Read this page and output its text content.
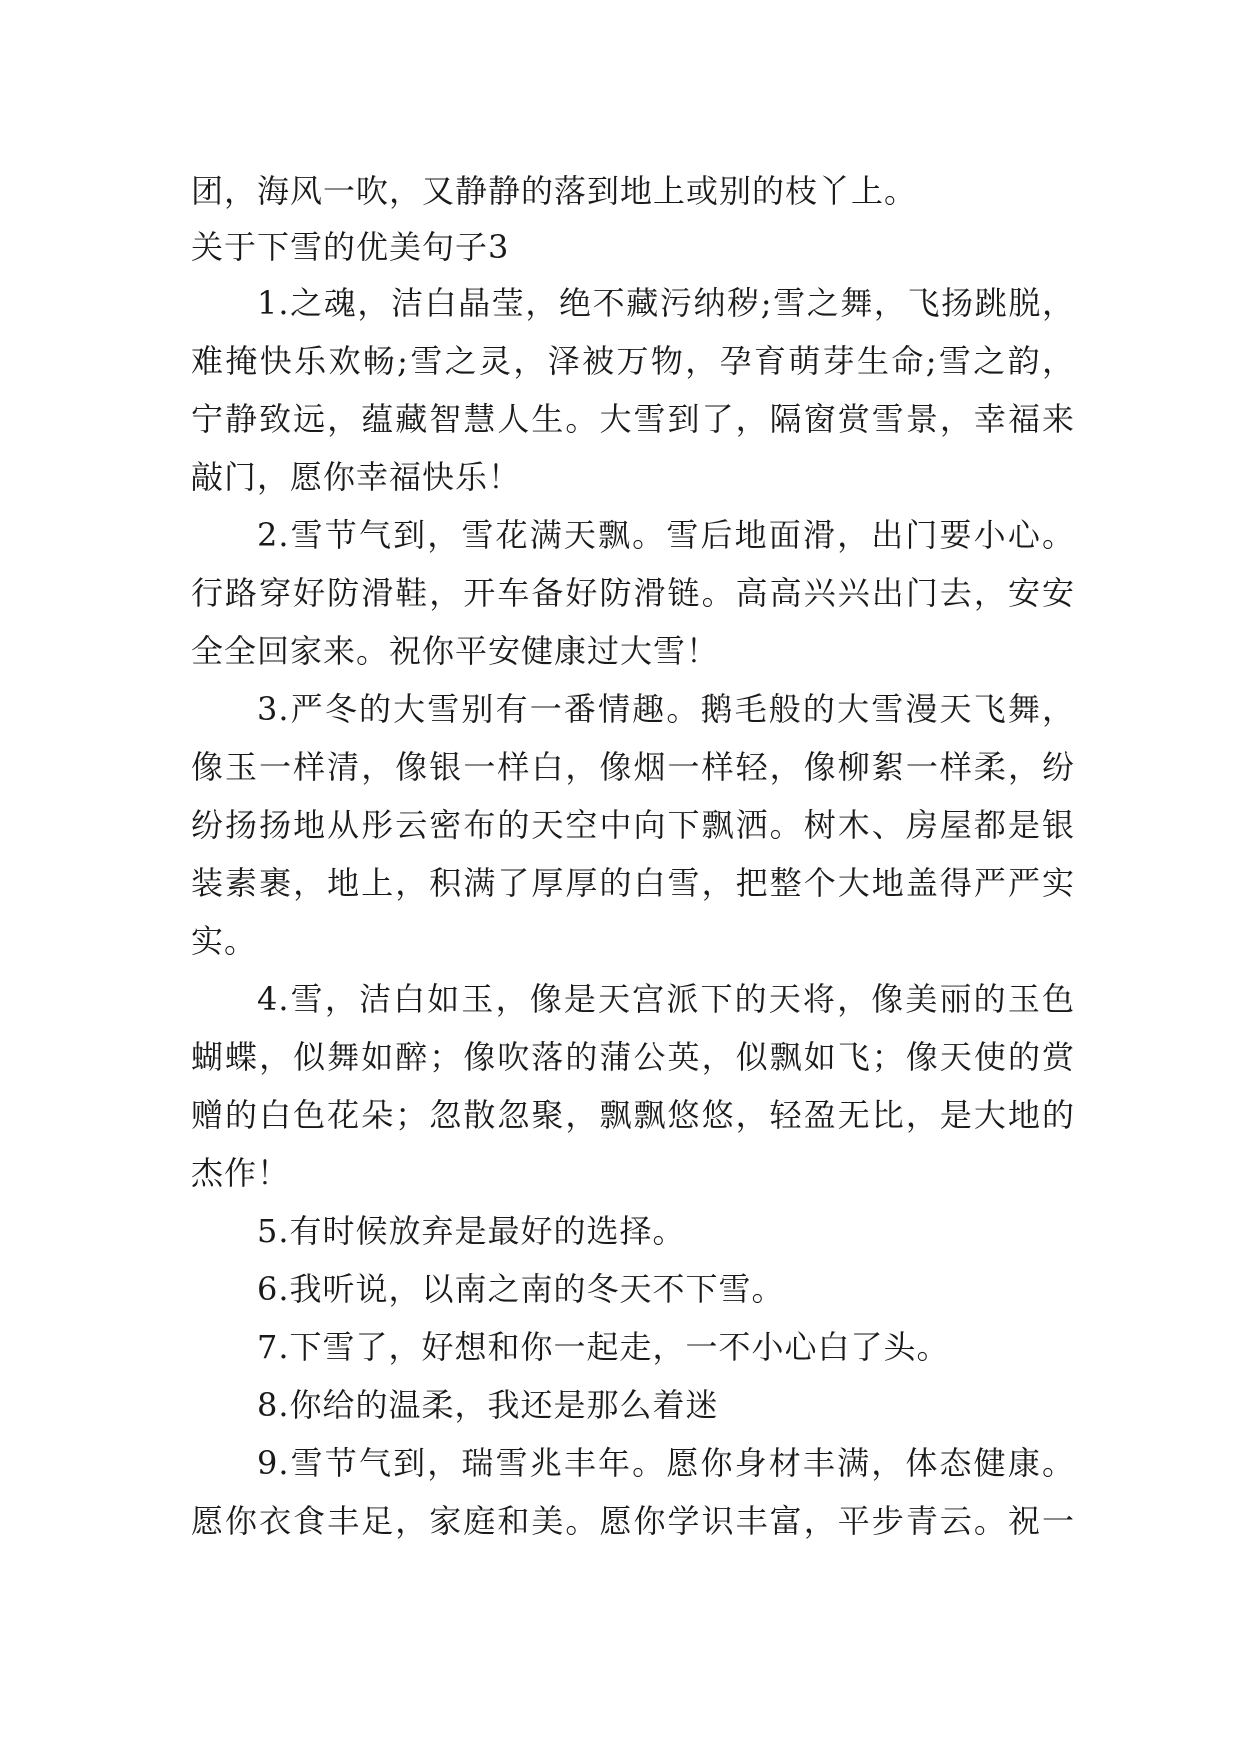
团，海风一吹，又静静的落到地上或别的枝丫上。
关于下雪的优美句子3
1.之魂，洁白晶莹，绝不藏污纳秽;雪之舞，飞扬跳脱，
难掩快乐欢畅;雪之灵，泽被万物，孕育萌芽生命;雪之韵，
宁静致远，蕴藏智慧人生。大雪到了，隔窗赏雪景，幸福来
敲门，愿你幸福快乐！
2.雪节气到，雪花满天飘。雪后地面滑，出门要小心。
行路穿好防滑鞋，开车备好防滑链。高高兴兴出门去，安安
全全回家来。祝你平安健康过大雪！
3.严冬的大雪别有一番情趣。鹅毛般的大雪漫天飞舞，
像玉一样清，像银一样白，像烟一样轻，像柳絮一样柔，纷
纷扬扬地从彤云密布的天空中向下飘洒。树木、房屋都是银
装素裹，地上，积满了厚厚的白雪，把整个大地盖得严严实
实。
4.雪，洁白如玉，像是天宫派下的天将，像美丽的玉色
蝴蝶，似舞如醉；像吹落的蒲公英，似飘如飞；像天使的赏
赠的白色花朵；忽散忽聚，飘飘悠悠，轻盈无比，是大地的
杰作！
5.有时候放弃是最好的选择。
6.我听说，以南之南的冬天不下雪。
7.下雪了，好想和你一起走，一不小心白了头。
8.你给的温柔，我还是那么着迷
9.雪节气到，瑞雪兆丰年。愿你身材丰满，体态健康。
愿你衣食丰足，家庭和美。愿你学识丰富，平步青云。祝一
